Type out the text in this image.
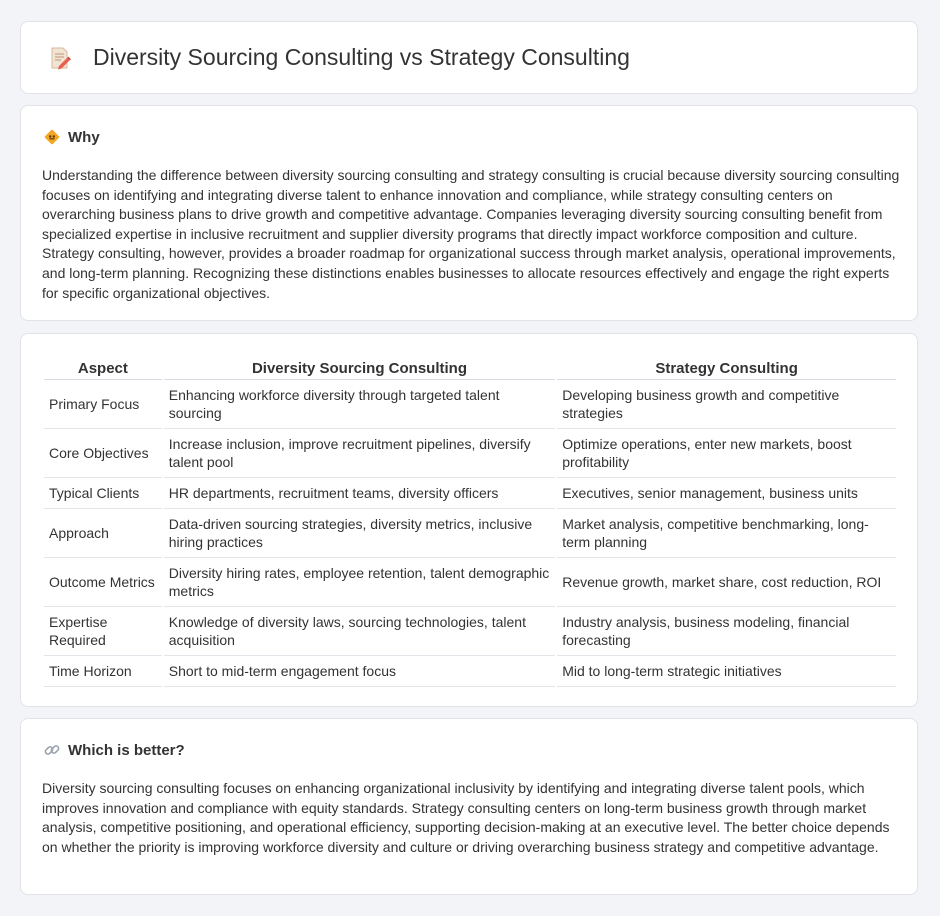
Diversity Sourcing Consulting vs Strategy Consulting
Why

Understanding the difference between diversity sourcing consulting and strategy consulting is crucial because diversity sourcing consulting focuses on identifying and integrating diverse talent to enhance innovation and compliance, while strategy consulting centers on overarching business plans to drive growth and competitive advantage. Companies leveraging diversity sourcing consulting benefit from specialized expertise in inclusive recruitment and supplier diversity programs that directly impact workforce composition and culture. Strategy consulting, however, provides a broader roadmap for organizational success through market analysis, operational improvements, and long-term planning. Recognizing these distinctions enables businesses to allocate resources effectively and engage the right experts for specific organizational objectives.

Aspect	Diversity Sourcing Consulting	Strategy Consulting
Primary Focus	Enhancing workforce diversity through targeted talent sourcing	Developing business growth and competitive strategies
Core Objectives	Increase inclusion, improve recruitment pipelines, diversify talent pool	Optimize operations, enter new markets, boost profitability
Typical Clients	HR departments, recruitment teams, diversity officers	Executives, senior management, business units
Approach	Data-driven sourcing strategies, diversity metrics, inclusive hiring practices	Market analysis, competitive benchmarking, long-term planning
Outcome Metrics	Diversity hiring rates, employee retention, talent demographic metrics	Revenue growth, market share, cost reduction, ROI
Expertise Required	Knowledge of diversity laws, sourcing technologies, talent acquisition	Industry analysis, business modeling, financial forecasting
Time Horizon	Short to mid-term engagement focus	Mid to long-term strategic initiatives
Which is better?

Diversity sourcing consulting focuses on enhancing organizational inclusivity by identifying and integrating diverse talent pools, which improves innovation and compliance with equity standards. Strategy consulting centers on long-term business growth through market analysis, competitive positioning, and operational efficiency, supporting decision-making at an executive level. The better choice depends on whether the priority is improving workforce diversity and culture or driving overarching business strategy and competitive advantage.
